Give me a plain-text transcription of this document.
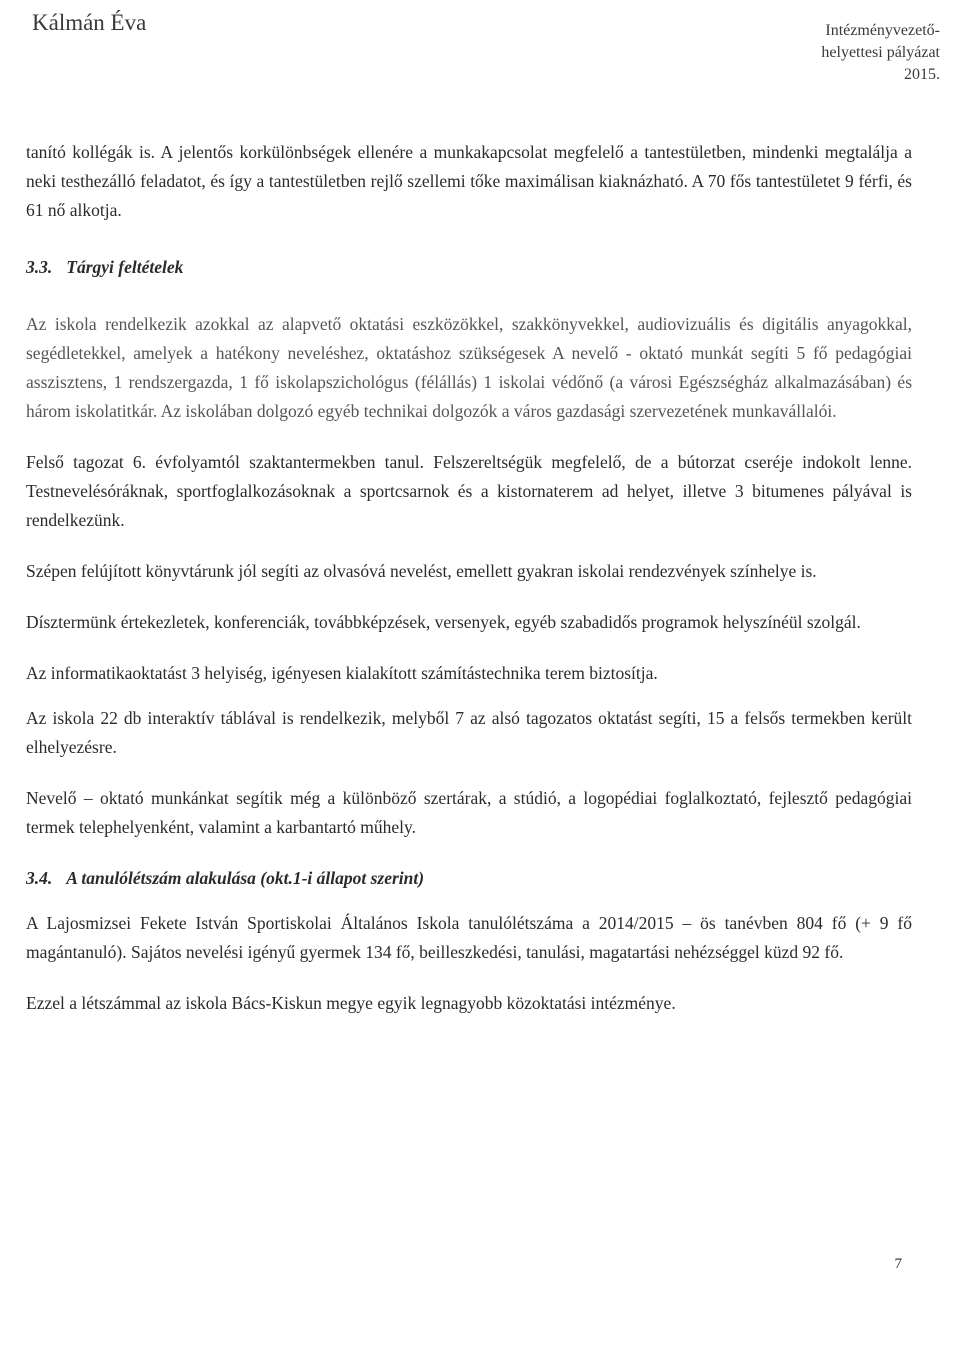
Kálmán Éva	Intézményvezető-
helyettesi pályázat
2015.

tanító kollégák is. A jelentős korkülönbségek ellenére a munkakapcsolat megfelelő a tantestületben, mindenki megtalálja a neki testhezálló feladatot, és így a tantestületben rejlő szellemi tőke maximálisan kiaknázható. A 70 fős tantestületet 9 férfi, és 61 nő alkotja.

3.3. Tárgyi feltételek

Az iskola rendelkezik azokkal az alapvető oktatási eszközökkel, szakkönyvekkel, audiovizuális és digitális anyagokkal, segédletekkel, amelyek a hatékony neveléshez, oktatáshoz szükségesek A nevelő - oktató munkát segíti 5 fő pedagógiai asszisztens, 1 rendszergazda, 1 fő iskolapszichológus (félállás) 1 iskolai védőnő (a városi Egészségház alkalmazásában) és három iskolatitkár. Az iskolában dolgozó egyéb technikai dolgozók a város gazdasági szervezetének munkavállalói.

Felső tagozat 6. évfolyamtól szaktantermekben tanul. Felszereltségük megfelelő, de a bútorzat cseréje indokolt lenne. Testnevelésóráknak, sportfoglalkozásoknak a sportcsarnok és a kistornaterem ad helyet, illetve 3 bitumenes pályával is rendelkezünk.

Szépen felújított könyvtárunk jól segíti az olvasóvá nevelést, emellett gyakran iskolai rendezvények színhelye is.

Dísztermünk értekezletek, konferenciák, továbbképzések, versenyek, egyéb szabadidős programok helyszínéül szolgál.

Az informatikaoktatást 3 helyiség, igényesen kialakított számítástechnika terem biztosítja.

Az iskola 22 db interaktív táblával is rendelkezik, melyből 7 az alsó tagozatos oktatást segíti, 15 a felsős termekben került elhelyezésre.

Nevelő – oktató munkánkat segítik még a különböző szertárak, a stúdió, a logopédiai foglalkoztató, fejlesztő pedagógiai termek telephelyenként, valamint a karbantartó műhely.

3.4. A tanulólétszám alakulása (okt.1-i állapot szerint)

A Lajosmizsei Fekete István Sportiskolai Általános Iskola tanulólétszáma a 2014/2015 – ös tanévben 804 fő (+ 9 fő magántanuló). Sajátos nevelési igényű gyermek 134 fő, beilleszkedési, tanulási, magatartási nehézséggel küzd 92 fő.

Ezzel a létszámmal az iskola Bács-Kiskun megye egyik legnagyobb közoktatási intézménye.

7
